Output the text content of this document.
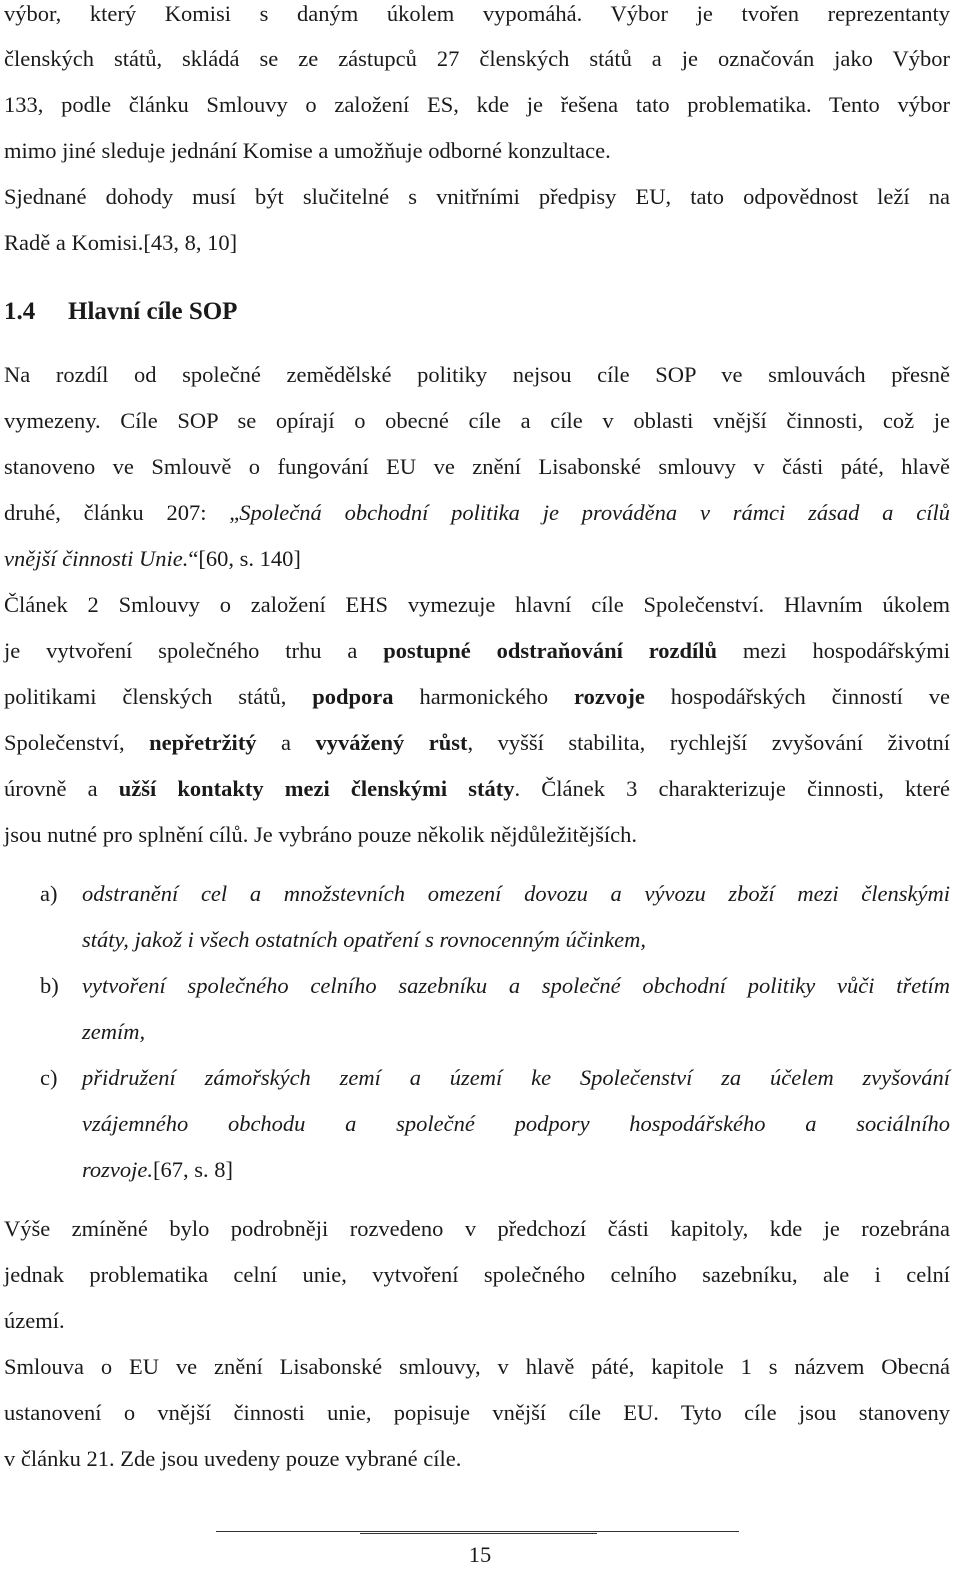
výbor, který Komisi s daným úkolem vypomáhá. Výbor je tvořen reprezentanty
členských států, skládá se ze zástupců 27 členských států a je označován jako Výbor
133, podle článku Smlouvy o založení ES, kde je řešena tato problematika. Tento výbor
mimo jiné sleduje jednání Komise a umožňuje odborné konzultace.
Sjednané dohody musí být slučitelné s vnitřními předpisy EU, tato odpovědnost leží na
Radě a Komisi.[43, 8, 10]
1.4 Hlavní cíle SOP
Na rozdíl od společné zemědělské politiky nejsou cíle SOP ve smlouvách přesně
vymezeny. Cíle SOP se opírají o obecné cíle a cíle v oblasti vnější činnosti, což je
stanoveno ve Smlouvě o fungování EU ve znění Lisabonské smlouvy v části páté, hlavě
druhé, článku 207: „Společná obchodní politika je prováděna v rámci zásad a cílů
vnější činnosti Unie.“[60, s. 140]
Článek 2 Smlouvy o založení EHS vymezuje hlavní cíle Společenství. Hlavním úkolem
je vytvoření společného trhu a postupné odstraňování rozdílů mezi hospodářskými
politikami členských států, podpora harmonického rozvoje hospodářských činností ve
Společenství, nepřetržitý a vyvážený růst, vyšší stabilita, rychlejší zvyšování životní
úrovně a užší kontakty mezi členskými státy. Článek 3 charakterizuje činnosti, které
jsou nutné pro splnění cílů. Je vybráno pouze několik nějdůležitějších.
a)	odstranění cel a množstevních omezení dovozu a vývozu zboží mezi členskými
státy, jakož i všech ostatních opatření s rovnocenným účinkem,
b)	vytvoření společného celního sazebníku a společné obchodní politiky vůči třetím
zemím,
c)	přidružení zámořských zemí a území ke Společenství za účelem zvyšování
vzájemného obchodu a společné podpory hospodářského a sociálního
rozvoje.[67, s. 8]
Výše zmíněné bylo podrobněji rozvedeno v předchozí části kapitoly, kde je rozebrána
jednak problematika celní unie, vytvoření společného celního sazebníku, ale i celní
území.
Smlouva o EU ve znění Lisabonské smlouvy, v hlavě páté, kapitole 1 s názvem Obecná
ustanovení o vnější činnosti unie, popisuje vnější cíle EU. Tyto cíle jsou stanoveny
v článku 21. Zde jsou uvedeny pouze vybrané cíle.
15
